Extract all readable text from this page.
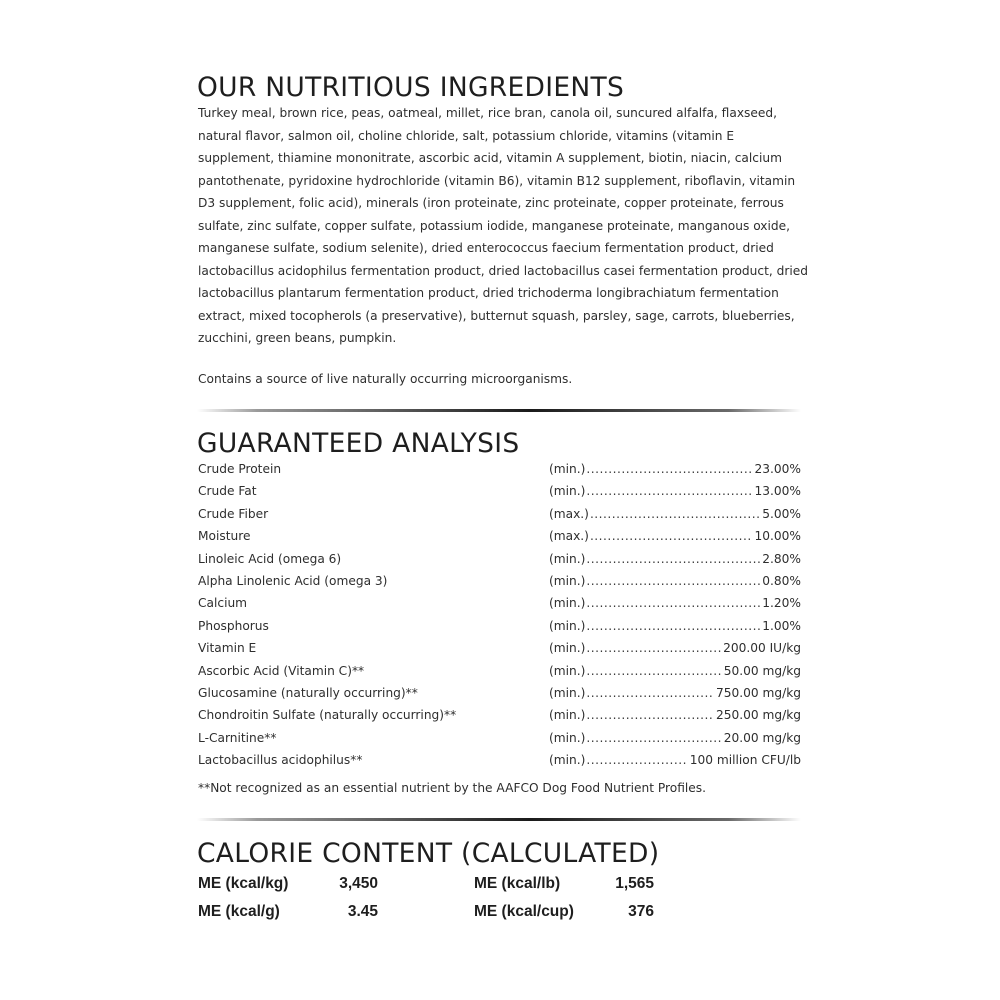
OUR NUTRITIOUS INGREDIENTS

Turkey meal, brown rice, peas, oatmeal, millet, rice bran, canola oil, suncured alfalfa, flaxseed, natural flavor, salmon oil, choline chloride, salt, potassium chloride, vitamins (vitamin E supplement, thiamine mononitrate, ascorbic acid, vitamin A supplement, biotin, niacin, calcium pantothenate, pyridoxine hydrochloride (vitamin B6), vitamin B12 supplement, riboflavin, vitamin D3 supplement, folic acid), minerals (iron proteinate, zinc proteinate, copper proteinate, ferrous sulfate, zinc sulfate, copper sulfate, potassium iodide, manganese proteinate, manganous oxide, manganese sulfate, sodium selenite), dried enterococcus faecium fermentation product, dried lactobacillus acidophilus fermentation product, dried lactobacillus casei fermentation product, dried lactobacillus plantarum fermentation product, dried trichoderma longibrachiatum fermentation extract, mixed tocopherols (a preservative), butternut squash, parsley, sage, carrots, blueberries, zucchini, green beans, pumpkin.

Contains a source of live naturally occurring microorganisms.

GUARANTEED ANALYSIS
Crude Protein	(min.) .....	23.00%
Crude Fat	(min.) .....	13.00%
Crude Fiber	(max.) .....	5.00%
Moisture	(max.) .....	10.00%
Linoleic Acid (omega 6)	(min.) .....	2.80%
Alpha Linolenic Acid (omega 3)	(min.) .....	0.80%
Calcium	(min.) .....	1.20%
Phosphorus	(min.) .....	1.00%
Vitamin E	(min.) .....	200.00 IU/kg
Ascorbic Acid (Vitamin C)**	(min.) .....	50.00 mg/kg
Glucosamine (naturally occurring)**	(min.) .....	750.00 mg/kg
Chondroitin Sulfate (naturally occurring)**	(min.) .....	250.00 mg/kg
L-Carnitine**	(min.) .....	20.00 mg/kg
Lactobacillus acidophilus**	(min.) .....	100 million CFU/lb

**Not recognized as an essential nutrient by the AAFCO Dog Food Nutrient Profiles.

CALORIE CONTENT (CALCULATED)
ME (kcal/kg)	3,450	ME (kcal/lb)	1,565
ME (kcal/g)	3.45	ME (kcal/cup)	376
